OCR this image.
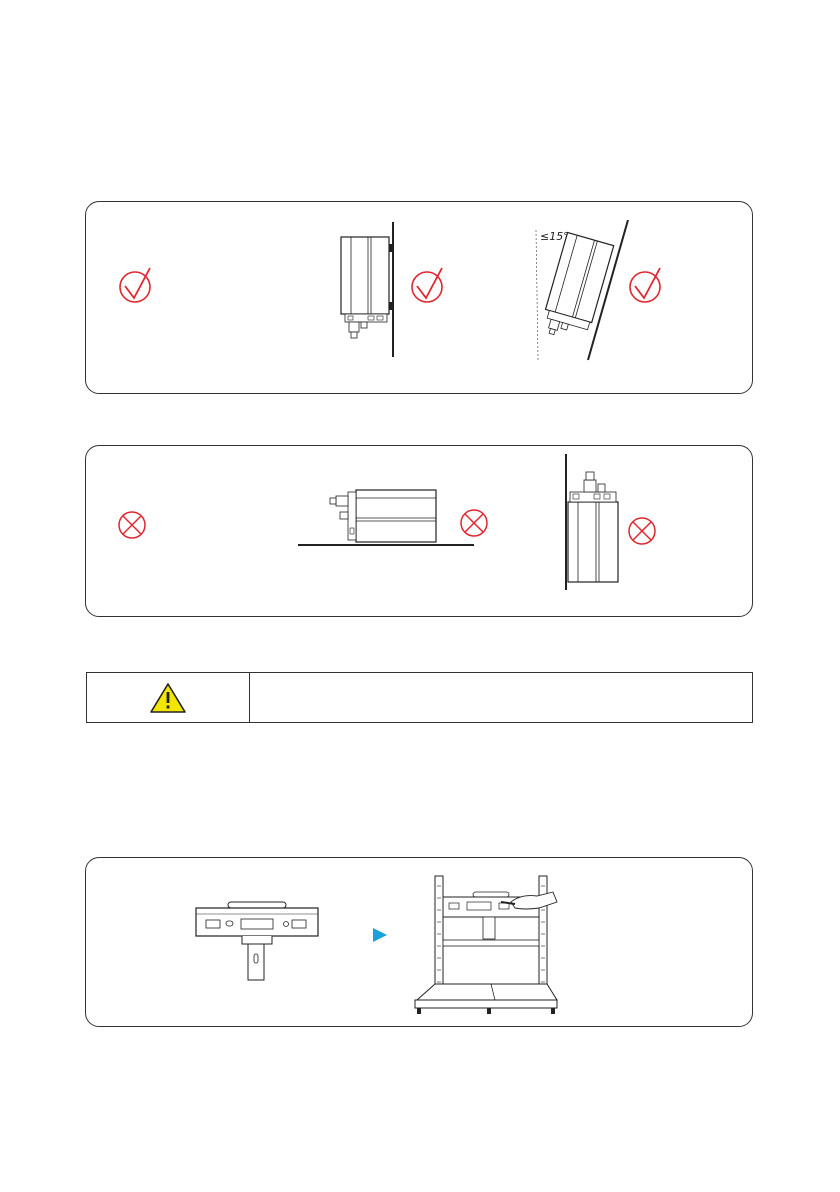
≤15°
